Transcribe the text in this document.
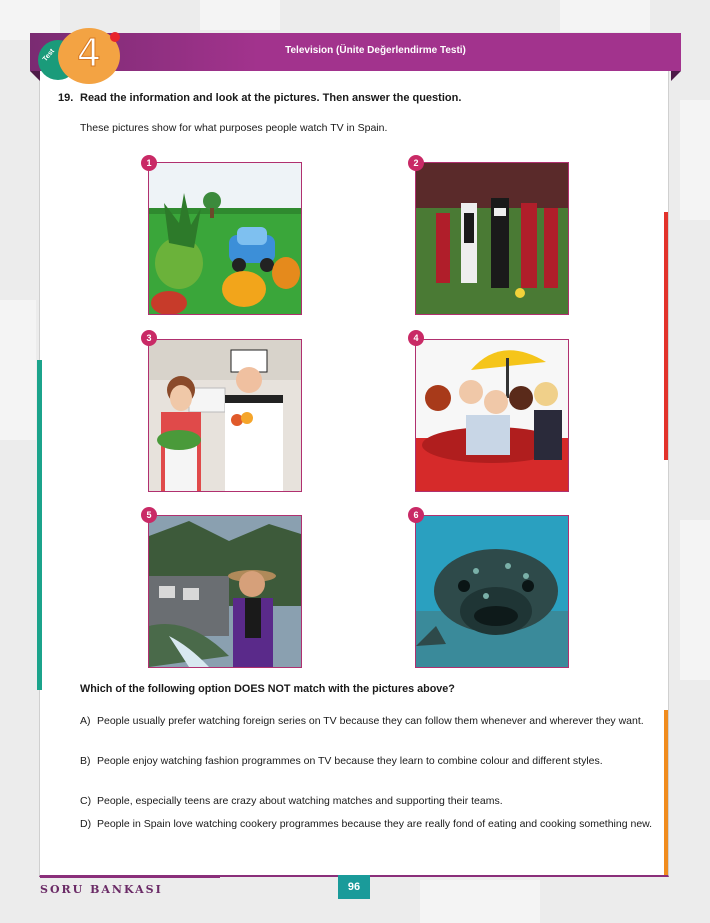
Television (Ünite Değerlendirme Testi)
Test 4
19. Read the information and look at the pictures. Then answer the question.
These pictures show for what purposes people watch TV in Spain.
1	2
3	4
5	6
Which of the following option DOES NOT match with the pictures above?
A) People usually prefer watching foreign series on TV because they can follow them whenever and wherever they want.
B) People enjoy watching fashion programmes on TV because they learn to combine colour and different styles.
C) People, especially teens are crazy about watching matches and supporting their teams.
D) People in Spain love watching cookery programmes because they are really fond of eating and cooking something new.
SORU BANKASI	96
